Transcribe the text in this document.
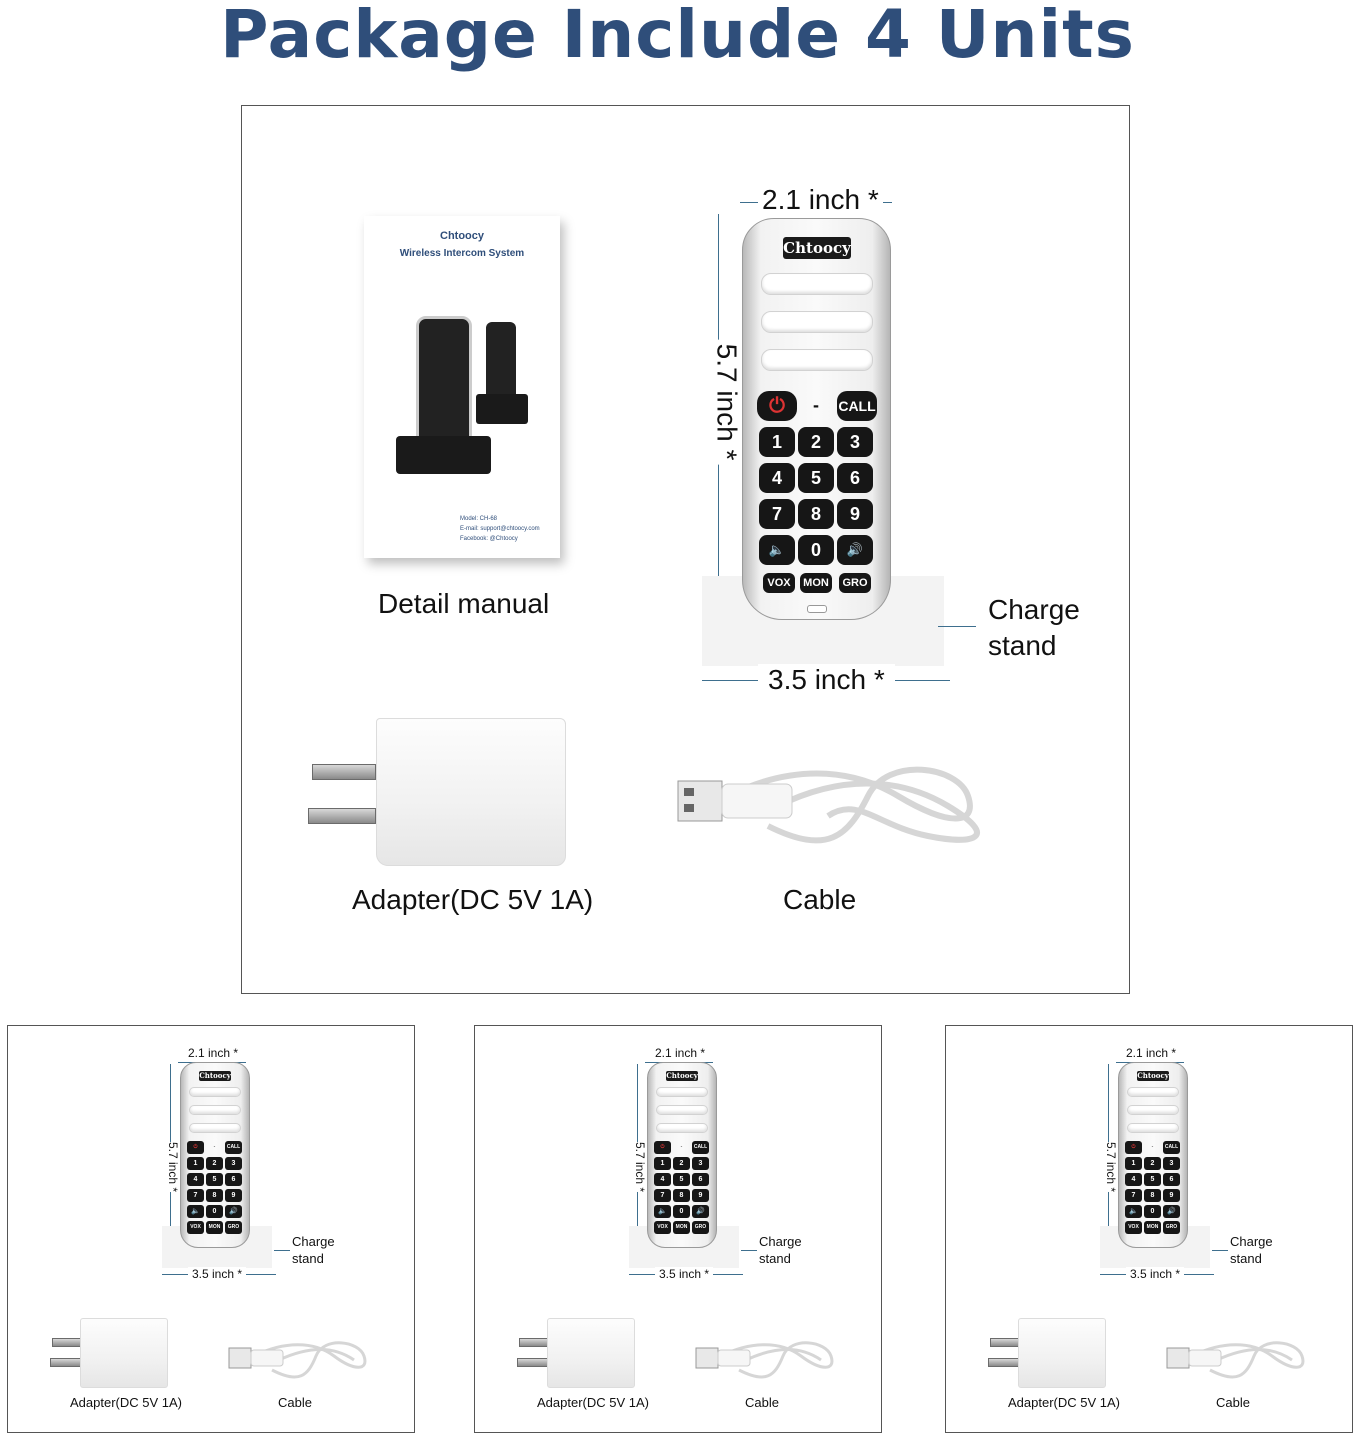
Package Include 4 Units
Chtoocy
Wireless Intercom System
Model: CH-68
E-mail: support@chtoocy.com
Facebook: @Chtoocy
Detail manual
2.1 inch *
5.7 inch *
Chtoocy
⏻	- CALL
1	2	3
4	5	6
7	8	9
🔈	0	🔊
VOX	MON	GRO
3.5 inch *
Charge
stand
Adapter(DC 5V 1A)	Cable
2.1 inch *
5.7 inch *
Chtoocy
⏻	-	CALL
1	2	3
4	5	6
7	8	9
🔈	0	🔊
VOX	MON	GRO
Charge
stand
3.5 inch *
Adapter(DC 5V 1A)	Cable
2.1 inch *
5.7 inch *
Chtoocy
⏻	-	CALL
1	2	3
4	5	6
7	8	9
🔈	0	🔊
VOX	MON	GRO
Charge
stand
3.5 inch *
Adapter(DC 5V 1A)	Cable
2.1 inch *
5.7 inch *
Chtoocy
⏻	-	CALL
1	2	3
4	5	6
7	8	9
🔈	0	🔊
VOX	MON	GRO
Charge
stand
3.5 inch *
Adapter(DC 5V 1A)	Cable
